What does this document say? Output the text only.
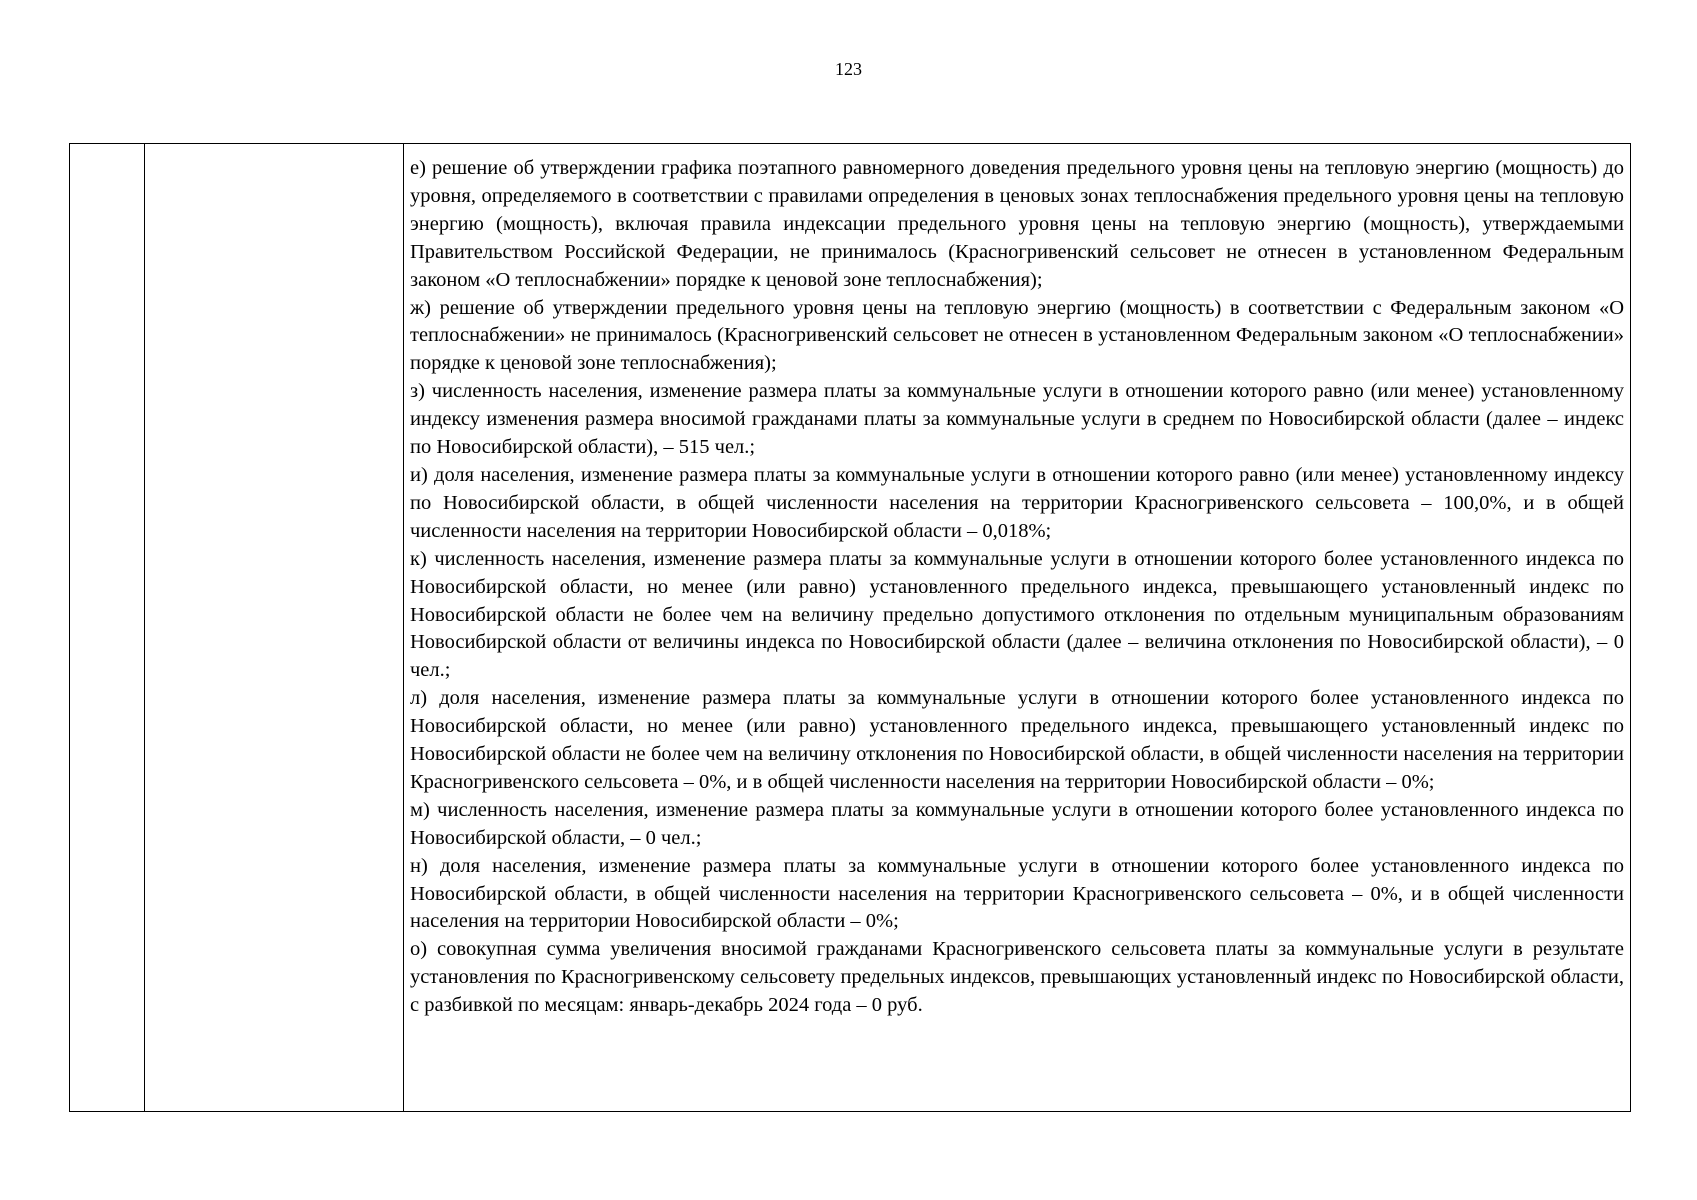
123

е) решение об утверждении графика поэтапного равномерного доведения предельного уровня цены на тепловую энергию (мощность) до уровня, определяемого в соответствии с правилами определения в ценовых зонах теплоснабжения предельного уровня цены на тепловую энергию (мощность), включая правила индексации предельного уровня цены на тепловую энергию (мощность), утверждаемыми Правительством Российской Федерации, не принималось (Красногривенский сельсовет не отнесен в установленном Федеральным законом «О теплоснабжении» порядке к ценовой зоне теплоснабжения);

ж) решение об утверждении предельного уровня цены на тепловую энергию (мощность) в соответствии с Федеральным законом «О теплоснабжении» не принималось (Красногривенский сельсовет не отнесен в установленном Федеральным законом «О теплоснабжении» порядке к ценовой зоне теплоснабжения);

з) численность населения, изменение размера платы за коммунальные услуги в отношении которого равно (или менее) установленному индексу изменения размера вносимой гражданами платы за коммунальные услуги в среднем по Новосибирской области (далее – индекс по Новосибирской области), – 515 чел.;

и) доля населения, изменение размера платы за коммунальные услуги в отношении которого равно (или менее) установленному индексу по Новосибирской области, в общей численности населения на территории Красногривенского сельсовета – 100,0%, и в общей численности населения на территории Новосибирской области – 0,018%;

к) численность населения, изменение размера платы за коммунальные услуги в отношении которого более установленного индекса по Новосибирской области, но менее (или равно) установленного предельного индекса, превышающего установленный индекс по Новосибирской области не более чем на величину предельно допустимого отклонения по отдельным муниципальным образованиям Новосибирской области от величины индекса по Новосибирской области (далее – величина отклонения по Новосибирской области), – 0 чел.;

л) доля населения, изменение размера платы за коммунальные услуги в отношении которого более установленного индекса по Новосибирской области, но менее (или равно) установленного предельного индекса, превышающего установленный индекс по Новосибирской области не более чем на величину отклонения по Новосибирской области, в общей численности населения на территории Красногривенского сельсовета – 0%, и в общей численности населения на территории Новосибирской области – 0%;

м) численность населения, изменение размера платы за коммунальные услуги в отношении которого более установленного индекса по Новосибирской области, – 0 чел.;

н) доля населения, изменение размера платы за коммунальные услуги в отношении которого более установленного индекса по Новосибирской области, в общей численности населения на территории Красногривенского сельсовета – 0%, и в общей численности населения на территории Новосибирской области – 0%;

о) совокупная сумма увеличения вносимой гражданами Красногривенского сельсовета платы за коммунальные услуги в результате установления по Красногривенскому сельсовету предельных индексов, превышающих установленный индекс по Новосибирской области, с разбивкой по месяцам: январь-декабрь 2024 года – 0 руб.
